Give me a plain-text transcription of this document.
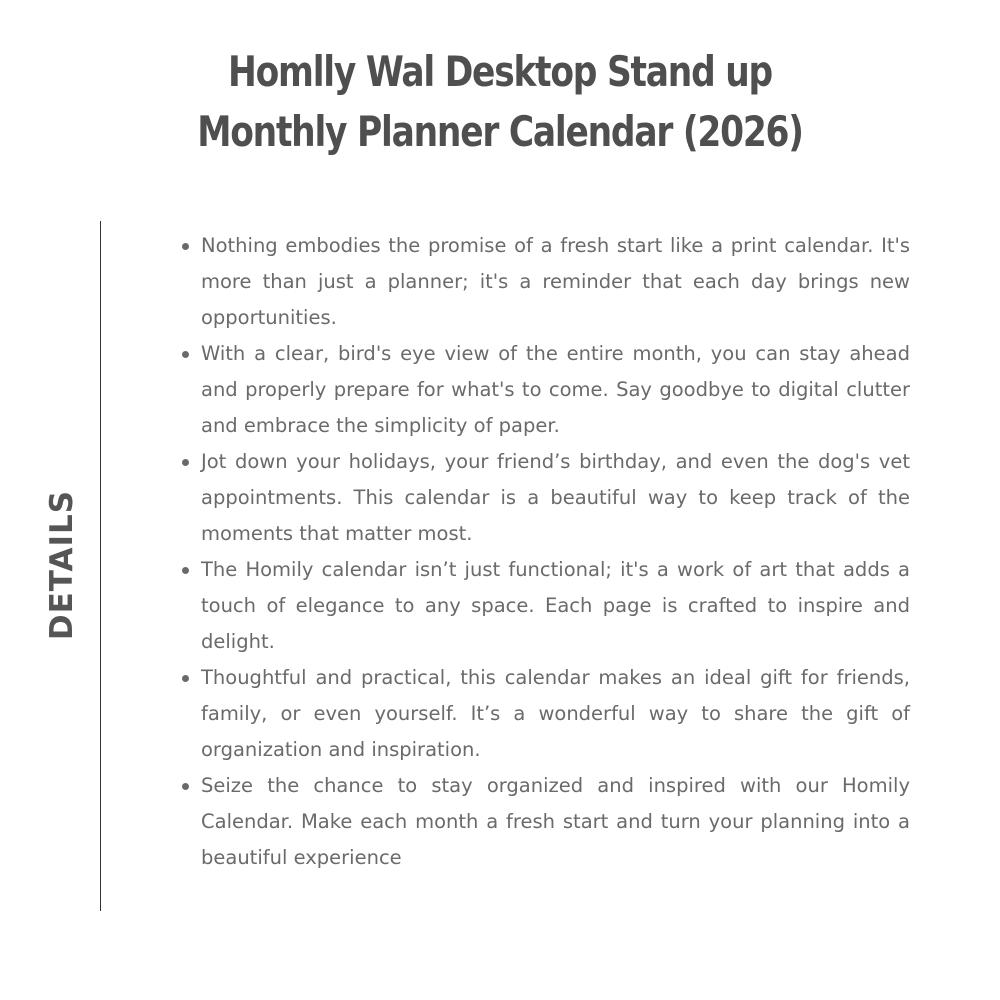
Homlly Wal Desktop Stand up
Monthly Planner Calendar (2026)
DETAILS
Nothing embodies the promise of a fresh start like a print calendar. It's more than just a planner; it's a reminder that each day brings new opportunities.
With a clear, bird's eye view of the entire month, you can stay ahead and properly prepare for what's to come. Say goodbye to digital clutter and embrace the simplicity of paper.
Jot down your holidays, your friend’s birthday, and even the dog's vet appointments. This calendar is a beautiful way to keep track of the moments that matter most.
The Homily calendar isn’t just functional; it's a work of art that adds a touch of elegance to any space. Each page is crafted to inspire and delight.
Thoughtful and practical, this calendar makes an ideal gift for friends, family, or even yourself. It’s a wonderful way to share the gift of organization and inspiration.
Seize the chance to stay organized and inspired with our Homily Calendar. Make each month a fresh start and turn your planning into a beautiful experience
